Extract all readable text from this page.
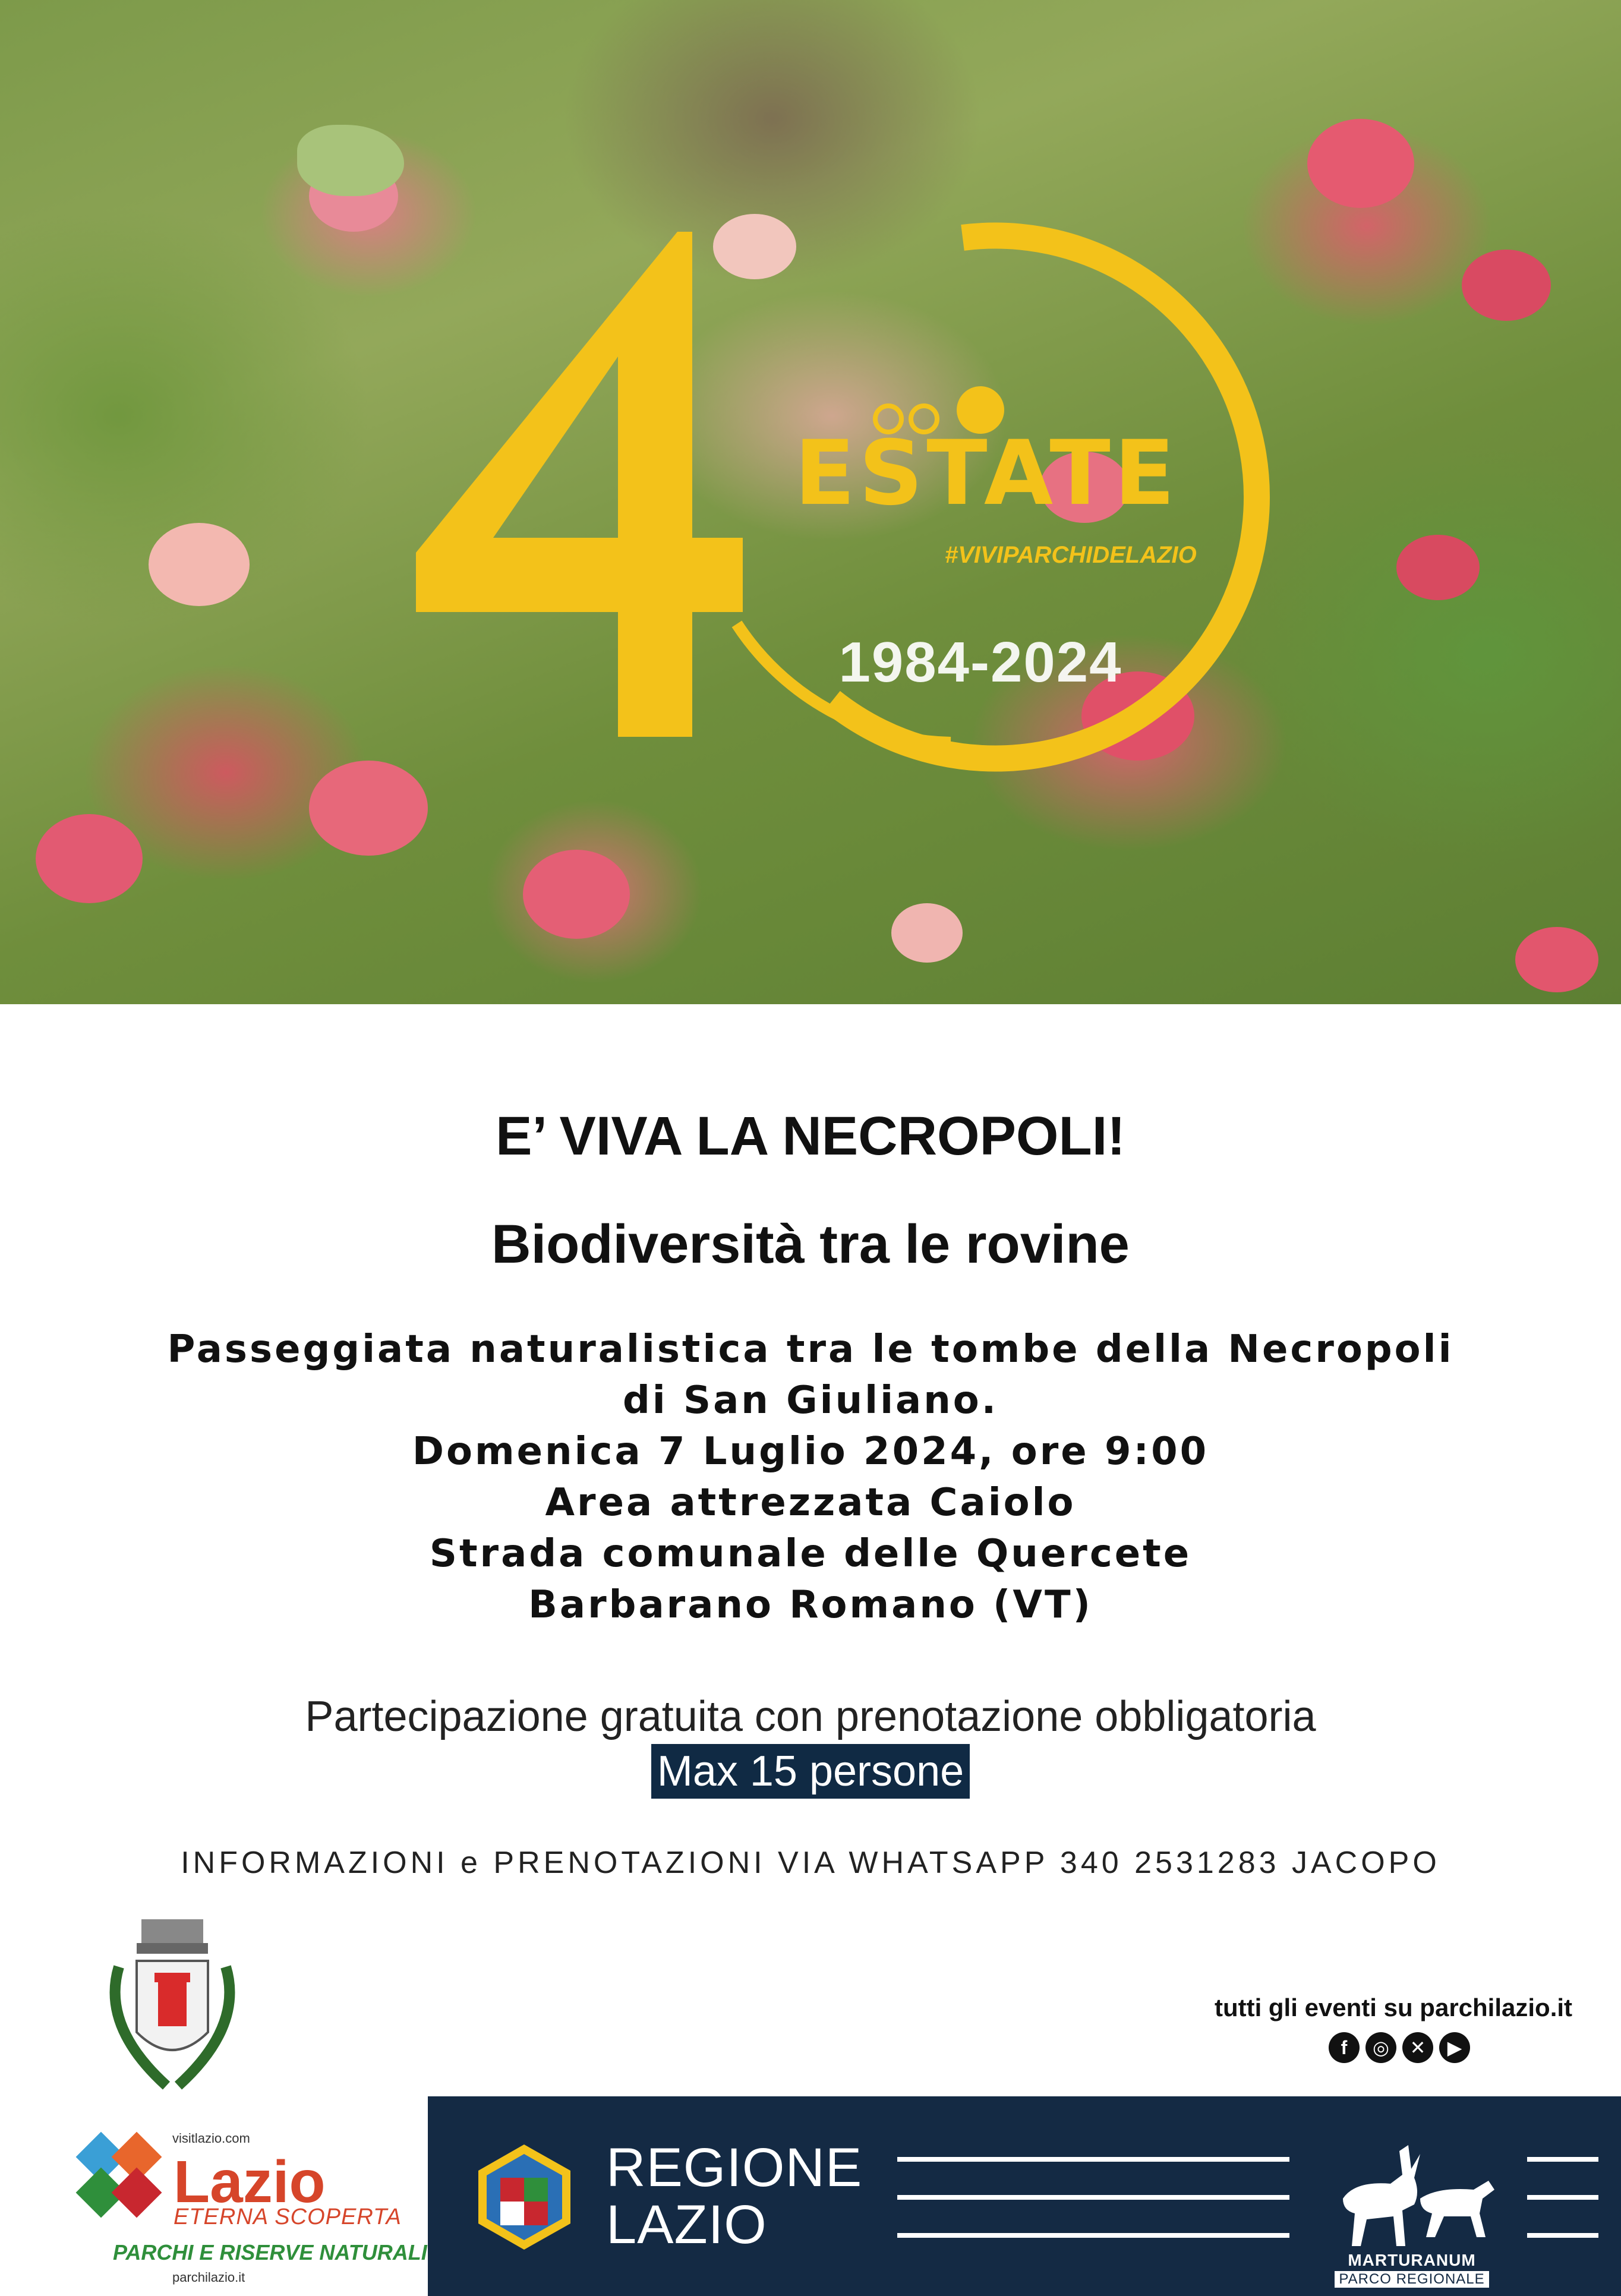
ESTATE
#VIVIPARCHIDELAZIO
1984-2024
E’ VIVA LA NECROPOLI!
Biodiversità tra le rovine
Passeggiata naturalistica tra le tombe della Necropoli
di San Giuliano.
Domenica 7 Luglio 2024, ore 9:00
Area attrezzata Caiolo
Strada comunale delle Quercete
Barbarano Romano (VT)
Partecipazione gratuita con prenotazione obbligatoria
Max 15 persone
INFORMAZIONI e PRENOTAZIONI VIA WHATSAPP 340 2531283 JACOPO
tutti gli eventi su parchilazio.it
f	◎	✕	▶
visitlazio.com
Lazio
ETERNA SCOPERTA
PARCHI E RISERVE NATURALI
parchilazio.it
REGIONE
LAZIO
MARTURANUM
PARCO REGIONALE
